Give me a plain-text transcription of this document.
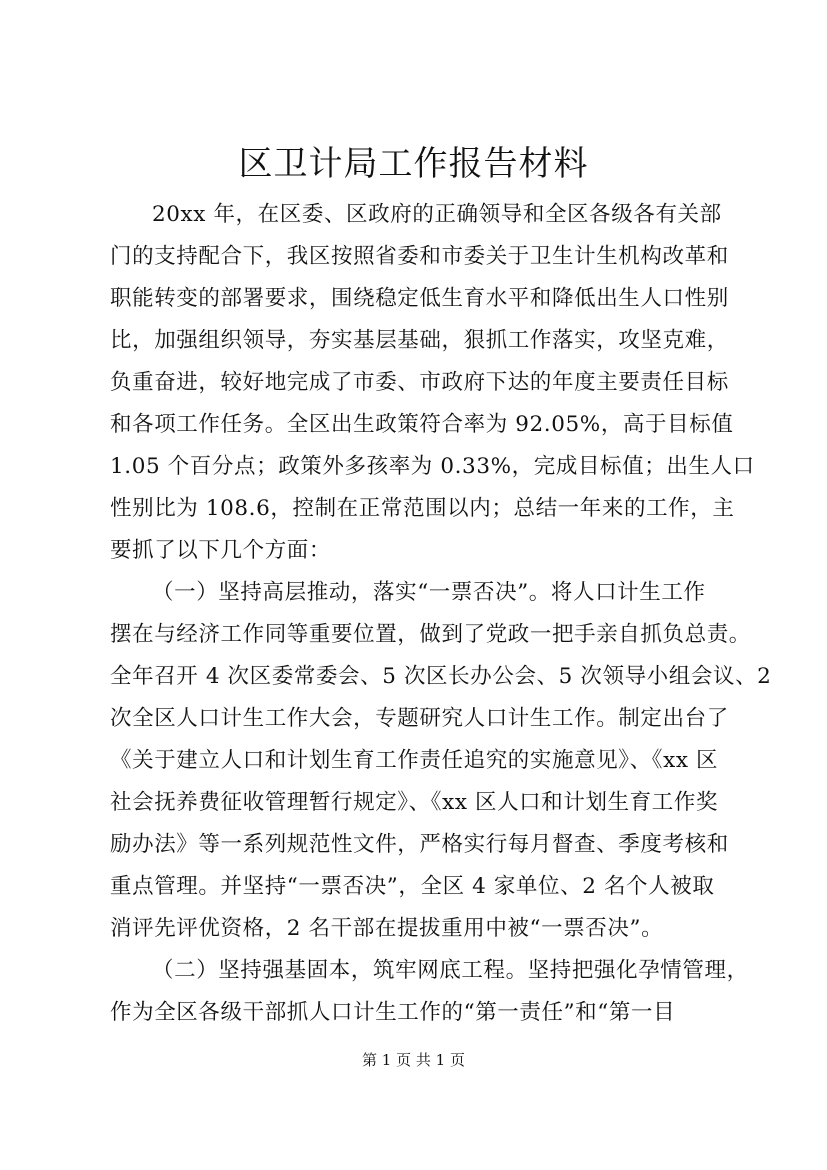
区卫计局工作报告材料
20xx 年，在区委、区政府的正确领导和全区各级各有关部
门的支持配合下，我区按照省委和市委关于卫生计生机构改革和
职能转变的部署要求，围绕稳定低生育水平和降低出生人口性别
比，加强组织领导，夯实基层基础，狠抓工作落实，攻坚克难，
负重奋进，较好地完成了市委、市政府下达的年度主要责任目标
和各项工作任务。全区出生政策符合率为 92.05%，高于目标值
1.05 个百分点；政策外多孩率为 0.33%，完成目标值；出生人口
性别比为 108.6，控制在正常范围以内；总结一年来的工作，主
要抓了以下几个方面：
（一）坚持高层推动，落实“一票否决”。将人口计生工作
摆在与经济工作同等重要位置，做到了党政一把手亲自抓负总责。
全年召开 4 次区委常委会、5 次区长办公会、5 次领导小组会议、2
次全区人口计生工作大会，专题研究人口计生工作。制定出台了
《关于建立人口和计划生育工作责任追究的实施意见》、《xx 区
社会抚养费征收管理暂行规定》、《xx 区人口和计划生育工作奖
励办法》等一系列规范性文件，严格实行每月督查、季度考核和
重点管理。并坚持“一票否决”，全区 4 家单位、2 名个人被取
消评先评优资格，2 名干部在提拔重用中被“一票否决”。
（二）坚持强基固本，筑牢网底工程。坚持把强化孕情管理，
作为全区各级干部抓人口计生工作的“第一责任”和“第一目
第 1 页 共 1 页
